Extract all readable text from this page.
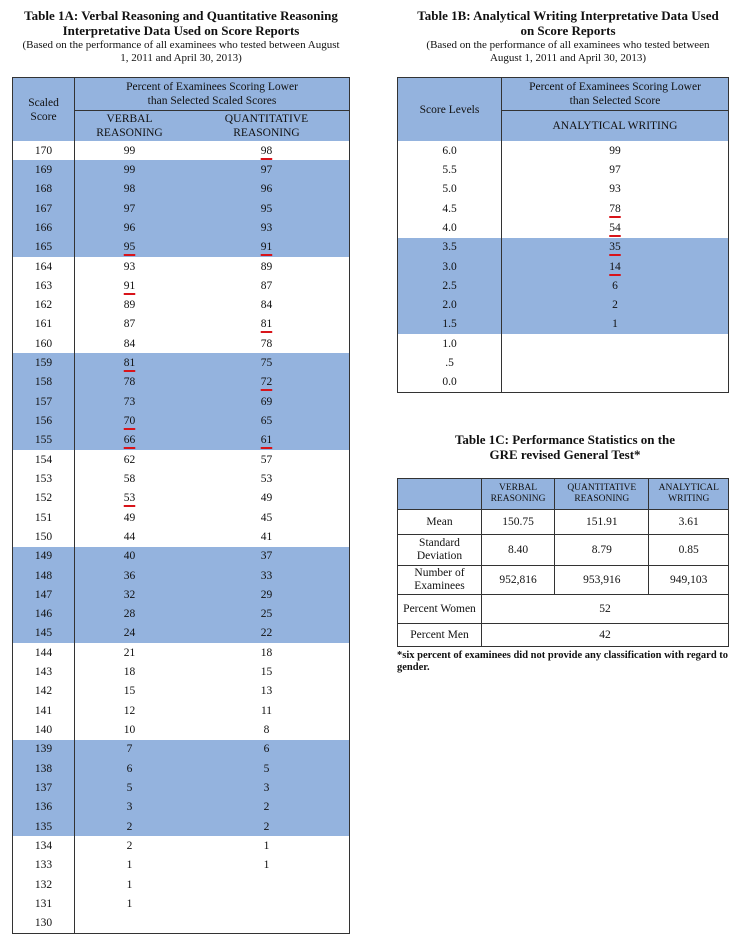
Table 1A: Verbal Reasoning and Quantitative Reasoning Interpretative Data Used on Score Reports
(Based on the performance of all examinees who tested between August 1, 2011 and April 30, 2013)
Scaled Score	Percent of Examinees Scoring Lower than Selected Scaled Scores	
	VERBAL REASONING	QUANTITATIVE REASONING
170	99	98
169	99	97
168	98	96
167	97	95
166	96	93
165	95	91
164	93	89
163	91	87
162	89	84
161	87	81
160	84	78
159	81	75
158	78	72
157	73	69
156	70	65
155	66	61
154	62	57
153	58	53
152	53	49
151	49	45
150	44	41
149	40	37
148	36	33
147	32	29
146	28	25
145	24	22
144	21	18
143	18	15
142	15	13
141	12	11
140	10	8
139	7	6
138	6	5
137	5	3
136	3	2
135	2	2
134	2	1
133	1	1
132	1	
131	1	
130		
Table 1B: Analytical Writing Interpretative Data Used on Score Reports
(Based on the performance of all examinees who tested between August 1, 2011 and April 30, 2013)
Score Levels	Percent of Examinees Scoring Lower than Selected Score
	ANALYTICAL WRITING
6.0	99
5.5	97
5.0	93
4.5	78
4.0	54
3.5	35
3.0	14
2.5	6
2.0	2
1.5	1
1.0	
.5	
0.0	
Table 1C: Performance Statistics on the GRE revised General Test*
	VERBAL REASONING	QUANTITATIVE REASONING	ANALYTICAL WRITING
Mean	150.75	151.91	3.61
Standard Deviation	8.40	8.79	0.85
Number of Examinees	952,816	953,916	949,103
Percent Women	52		
Percent Men	42		
*six percent of examinees did not provide any classification with regard to gender.
